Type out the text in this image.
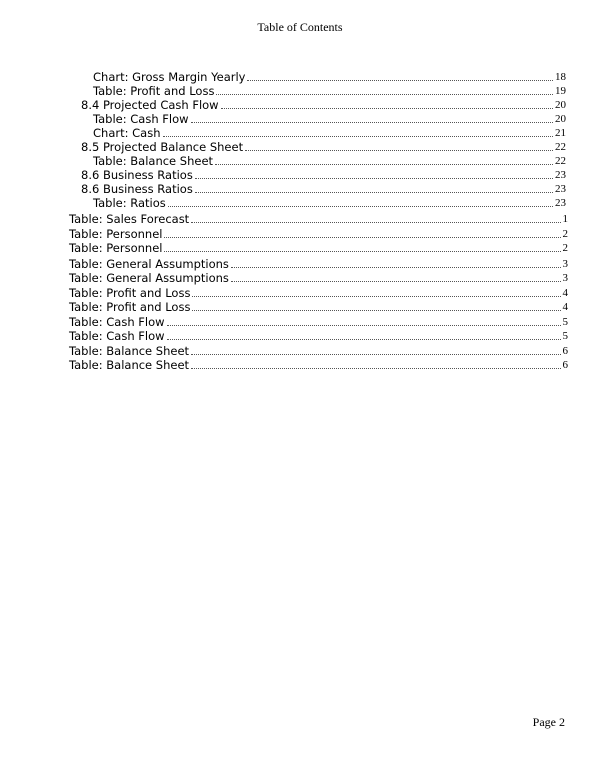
Table of Contents
Chart: Gross Margin Yearly	18
Table: Profit and Loss	19
8.4 Projected Cash Flow	20
Table: Cash Flow	20
Chart: Cash	21
8.5 Projected Balance Sheet	22
Table: Balance Sheet	22
8.6 Business Ratios	23
8.6 Business Ratios	23
Table: Ratios	23
Table: Sales Forecast	1
Table: Personnel	2
Table: Personnel	2
Table: General Assumptions	3
Table: General Assumptions	3
Table: Profit and Loss	4
Table: Profit and Loss	4
Table: Cash Flow	5
Table: Cash Flow	5
Table: Balance Sheet	6
Table: Balance Sheet	6
Page 2
